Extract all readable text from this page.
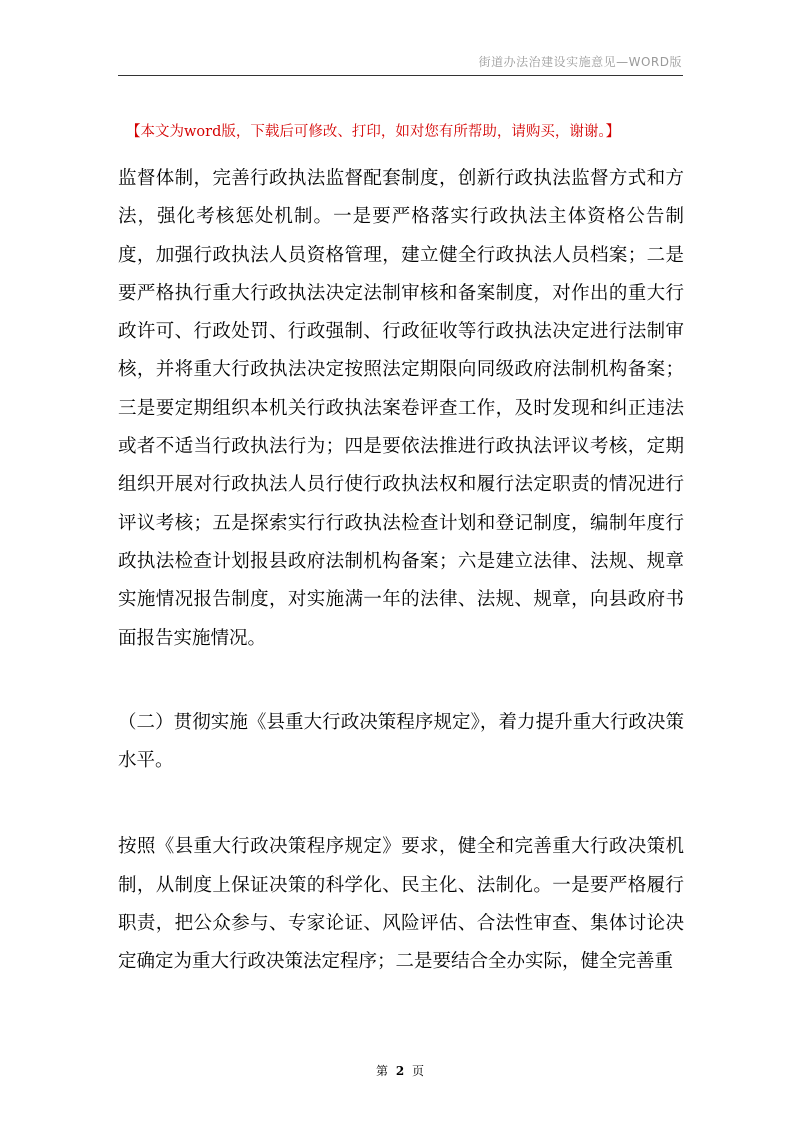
街道办法治建设实施意见—WORD版
【本文为word版，下载后可修改、打印，如对您有所帮助，请购买，谢谢。】

监督体制，完善行政执法监督配套制度，创新行政执法监督方式和方法，强化考核惩处机制。一是要严格落实行政执法主体资格公告制度，加强行政执法人员资格管理，建立健全行政执法人员档案；二是要严格执行重大行政执法决定法制审核和备案制度，对作出的重大行政许可、行政处罚、行政强制、行政征收等行政执法决定进行法制审核，并将重大行政执法决定按照法定期限向同级政府法制机构备案；三是要定期组织本机关行政执法案卷评查工作，及时发现和纠正违法或者不适当行政执法行为；四是要依法推进行政执法评议考核，定期组织开展对行政执法人员行使行政执法权和履行法定职责的情况进行评议考核；五是探索实行行政执法检查计划和登记制度，编制年度行政执法检查计划报县政府法制机构备案；六是建立法律、法规、规章实施情况报告制度，对实施满一年的法律、法规、规章，向县政府书面报告实施情况。

（二）贯彻实施《县重大行政决策程序规定》，着力提升重大行政决策水平。

按照《县重大行政决策程序规定》要求，健全和完善重大行政决策机制，从制度上保证决策的科学化、民主化、法制化。一是要严格履行职责，把公众参与、专家论证、风险评估、合法性审查、集体讨论决定确定为重大行政决策法定程序；二是要结合全办实际，健全完善重

第 2 页
